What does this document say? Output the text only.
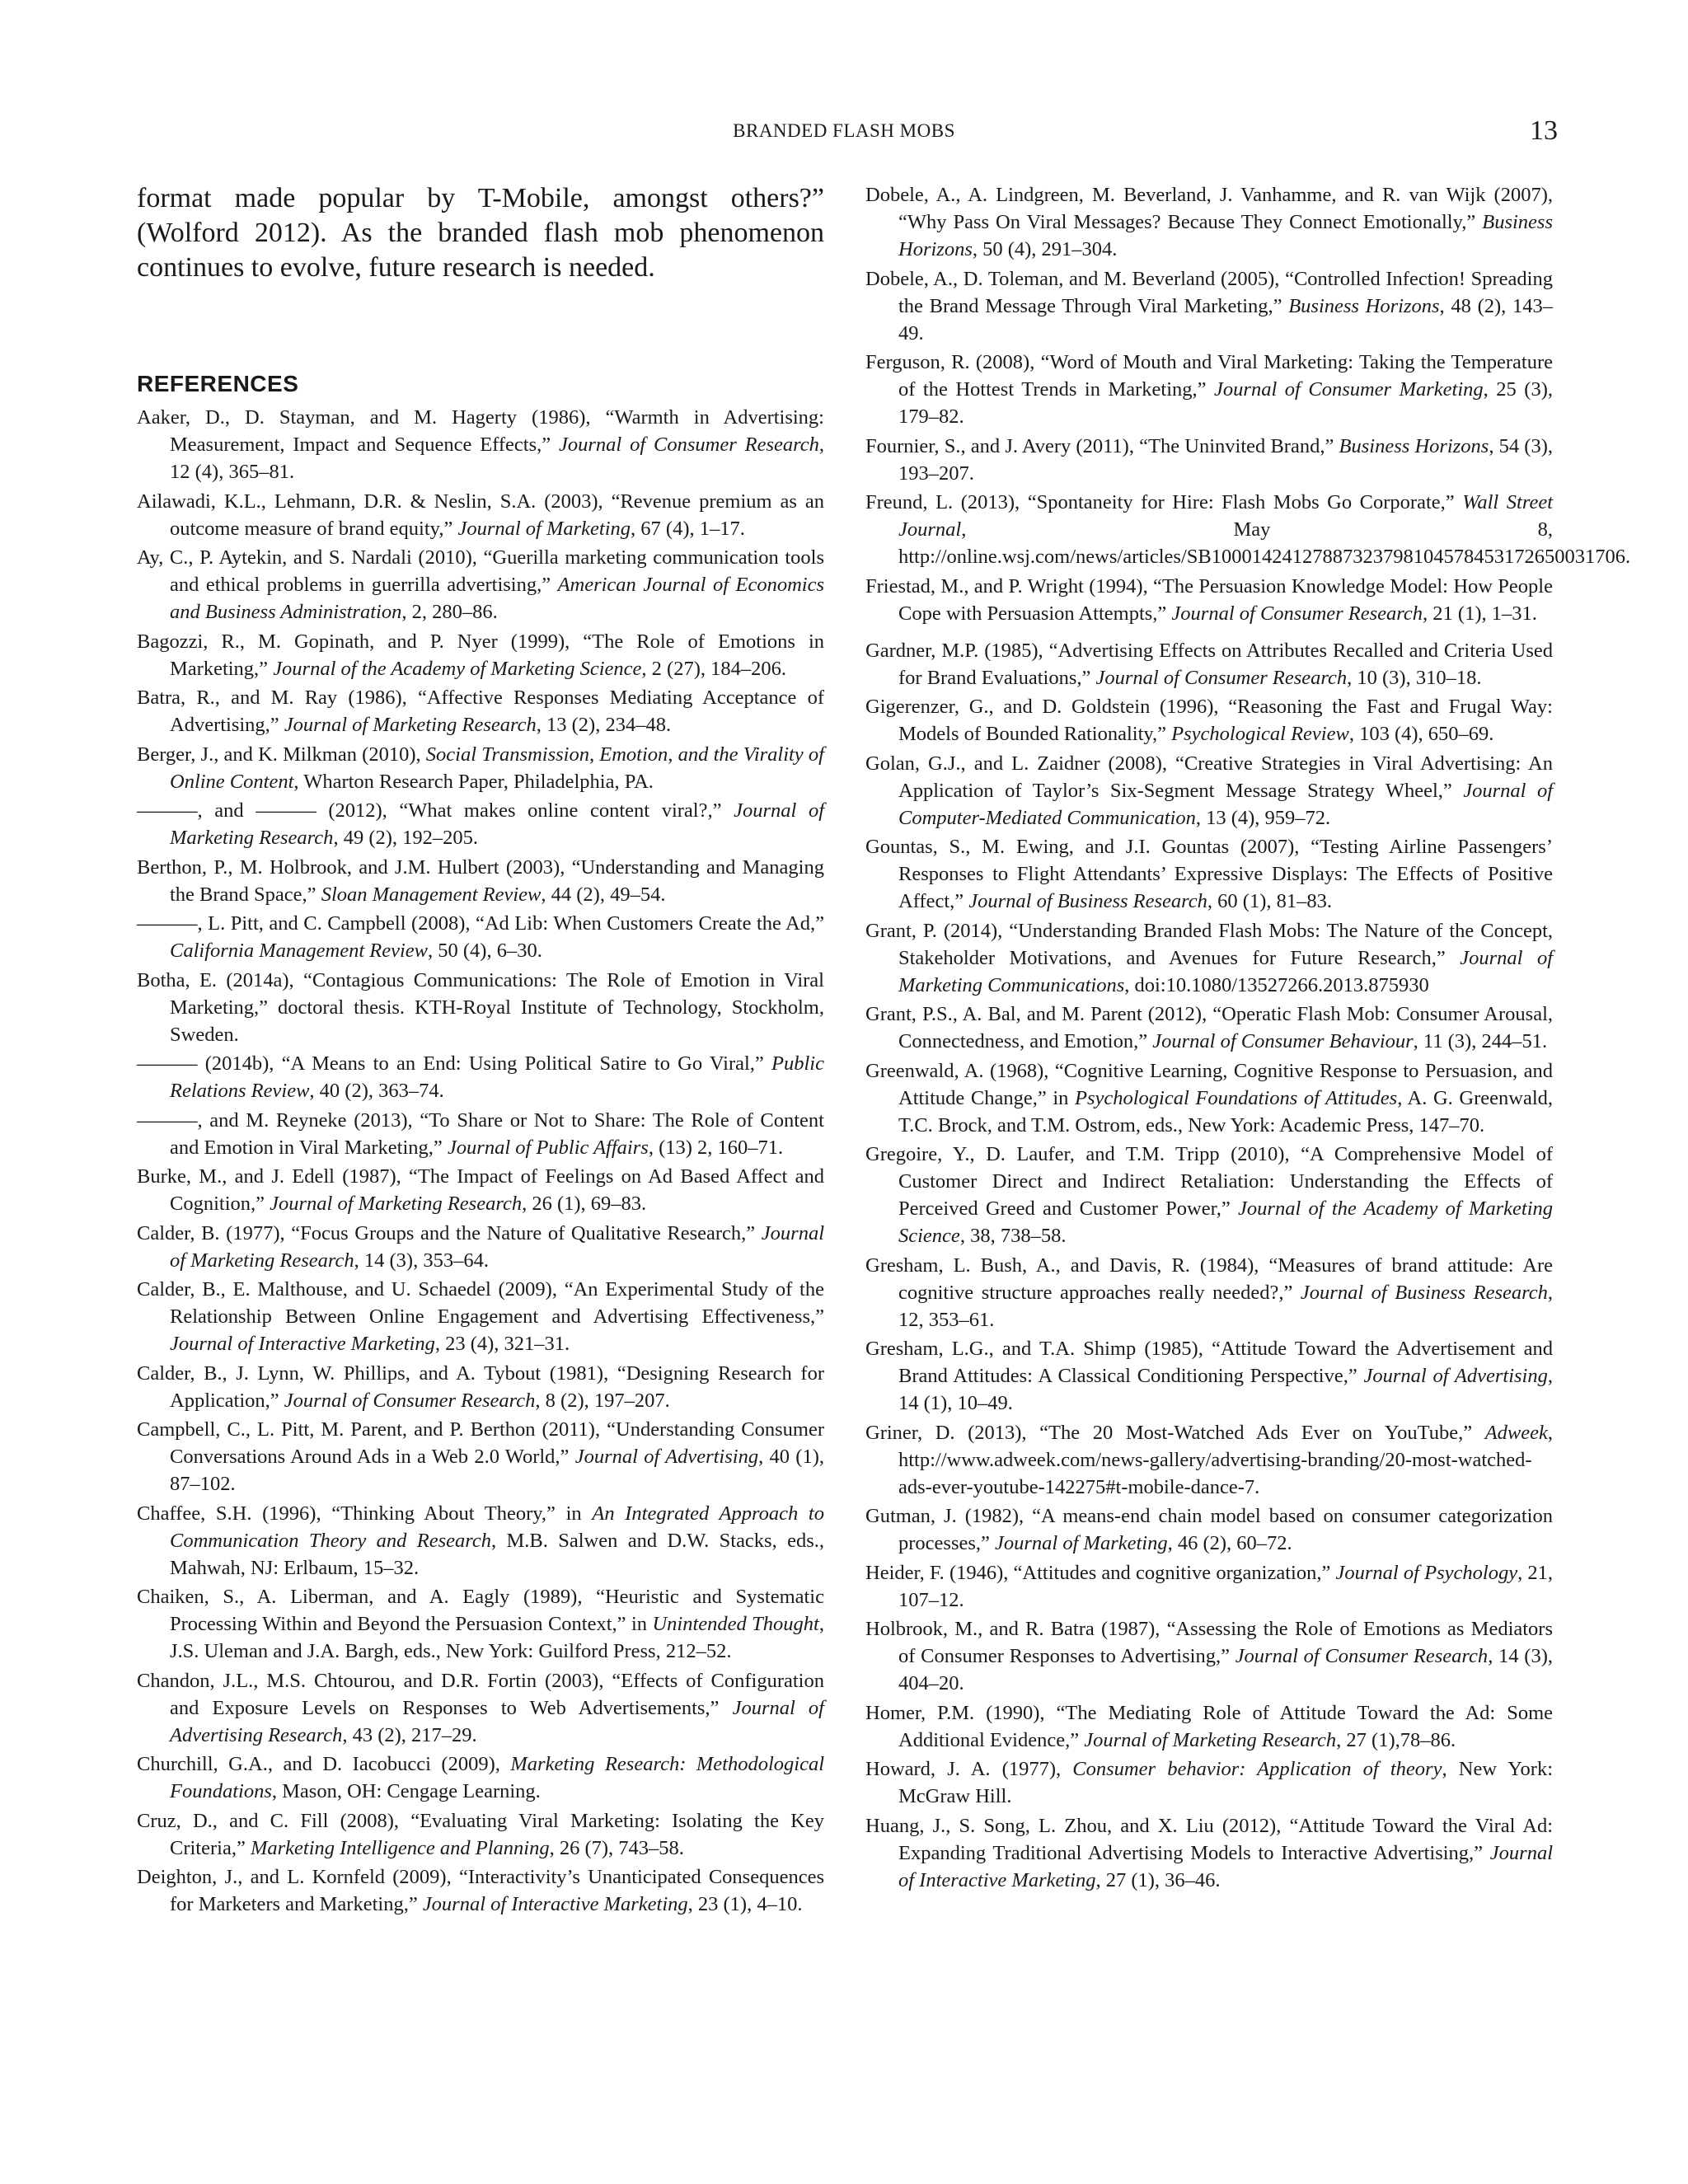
BRANDED FLASH MOBS	13

format made popular by T-Mobile, amongst others?” (Wolford 2012). As the branded flash mob phenomenon continues to evolve, future research is needed.

REFERENCES

Aaker, D., D. Stayman, and M. Hagerty (1986), “Warmth in Advertising: Measurement, Impact and Sequence Effects,” Journal of Consumer Research, 12 (4), 365–81.

Ailawadi, K.L., Lehmann, D.R. & Neslin, S.A. (2003), “Revenue premium as an outcome measure of brand equity,” Journal of Marketing, 67 (4), 1–17.

Ay, C., P. Aytekin, and S. Nardali (2010), “Guerilla marketing communication tools and ethical problems in guerrilla advertising,” American Journal of Economics and Business Administration, 2, 280–86.

Bagozzi, R., M. Gopinath, and P. Nyer (1999), “The Role of Emotions in Marketing,” Journal of the Academy of Marketing Science, 2 (27), 184–206.

Batra, R., and M. Ray (1986), “Affective Responses Mediating Acceptance of Advertising,” Journal of Marketing Research, 13 (2), 234–48.

Berger, J., and K. Milkman (2010), Social Transmission, Emotion, and the Virality of Online Content, Wharton Research Paper, Philadelphia, PA.

———, and ——— (2012), “What makes online content viral?,” Journal of Marketing Research, 49 (2), 192–205.

Berthon, P., M. Holbrook, and J.M. Hulbert (2003), “Understanding and Managing the Brand Space,” Sloan Management Review, 44 (2), 49–54.

———, L. Pitt, and C. Campbell (2008), “Ad Lib: When Customers Create the Ad,” California Management Review, 50 (4), 6–30.

Botha, E. (2014a), “Contagious Communications: The Role of Emotion in Viral Marketing,” doctoral thesis. KTH-Royal Institute of Technology, Stockholm, Sweden.

——— (2014b), “A Means to an End: Using Political Satire to Go Viral,” Public Relations Review, 40 (2), 363–74.

———, and M. Reyneke (2013), “To Share or Not to Share: The Role of Content and Emotion in Viral Marketing,” Journal of Public Affairs, (13) 2, 160–71.

Burke, M., and J. Edell (1987), “The Impact of Feelings on Ad Based Affect and Cognition,” Journal of Marketing Research, 26 (1), 69–83.

Calder, B. (1977), “Focus Groups and the Nature of Qualitative Research,” Journal of Marketing Research, 14 (3), 353–64.

Calder, B., E. Malthouse, and U. Schaedel (2009), “An Experimental Study of the Relationship Between Online Engagement and Advertising Effectiveness,” Journal of Interactive Marketing, 23 (4), 321–31.

Calder, B., J. Lynn, W. Phillips, and A. Tybout (1981), “Designing Research for Application,” Journal of Consumer Research, 8 (2), 197–207.

Campbell, C., L. Pitt, M. Parent, and P. Berthon (2011), “Understanding Consumer Conversations Around Ads in a Web 2.0 World,” Journal of Advertising, 40 (1), 87–102.

Chaffee, S.H. (1996), “Thinking About Theory,” in An Integrated Approach to Communication Theory and Research, M.B. Salwen and D.W. Stacks, eds., Mahwah, NJ: Erlbaum, 15–32.

Chaiken, S., A. Liberman, and A. Eagly (1989), “Heuristic and Systematic Processing Within and Beyond the Persuasion Context,” in Unintended Thought, J.S. Uleman and J.A. Bargh, eds., New York: Guilford Press, 212–52.

Chandon, J.L., M.S. Chtourou, and D.R. Fortin (2003), “Effects of Configuration and Exposure Levels on Responses to Web Advertisements,” Journal of Advertising Research, 43 (2), 217–29.

Churchill, G.A., and D. Iacobucci (2009), Marketing Research: Methodological Foundations, Mason, OH: Cengage Learning.

Cruz, D., and C. Fill (2008), “Evaluating Viral Marketing: Isolating the Key Criteria,” Marketing Intelligence and Planning, 26 (7), 743–58.

Deighton, J., and L. Kornfeld (2009), “Interactivity’s Unanticipated Consequences for Marketers and Marketing,” Journal of Interactive Marketing, 23 (1), 4–10.

Dobele, A., A. Lindgreen, M. Beverland, J. Vanhamme, and R. van Wijk (2007), “Why Pass On Viral Messages? Because They Connect Emotionally,” Business Horizons, 50 (4), 291–304.

Dobele, A., D. Toleman, and M. Beverland (2005), “Controlled Infection! Spreading the Brand Message Through Viral Marketing,” Business Horizons, 48 (2), 143–49.

Ferguson, R. (2008), “Word of Mouth and Viral Marketing: Taking the Temperature of the Hottest Trends in Marketing,” Journal of Consumer Marketing, 25 (3), 179–82.

Fournier, S., and J. Avery (2011), “The Uninvited Brand,” Business Horizons, 54 (3), 193–207.

Freund, L. (2013), “Spontaneity for Hire: Flash Mobs Go Corporate,” Wall Street Journal, May 8, http://online.wsj.com/news/articles/SB10001424127887323798104578453172650031706.

Friestad, M., and P. Wright (1994), “The Persuasion Knowledge Model: How People Cope with Persuasion Attempts,” Journal of Consumer Research, 21 (1), 1–31.

Gardner, M.P. (1985), “Advertising Effects on Attributes Recalled and Criteria Used for Brand Evaluations,” Journal of Consumer Research, 10 (3), 310–18.

Gigerenzer, G., and D. Goldstein (1996), “Reasoning the Fast and Frugal Way: Models of Bounded Rationality,” Psychological Review, 103 (4), 650–69.

Golan, G.J., and L. Zaidner (2008), “Creative Strategies in Viral Advertising: An Application of Taylor’s Six-Segment Message Strategy Wheel,” Journal of Computer-Mediated Communication, 13 (4), 959–72.

Gountas, S., M. Ewing, and J.I. Gountas (2007), “Testing Airline Passengers’ Responses to Flight Attendants’ Expressive Displays: The Effects of Positive Affect,” Journal of Business Research, 60 (1), 81–83.

Grant, P. (2014), “Understanding Branded Flash Mobs: The Nature of the Concept, Stakeholder Motivations, and Avenues for Future Research,” Journal of Marketing Communications, doi:10.1080/13527266.2013.875930

Grant, P.S., A. Bal, and M. Parent (2012), “Operatic Flash Mob: Consumer Arousal, Connectedness, and Emotion,” Journal of Consumer Behaviour, 11 (3), 244–51.

Greenwald, A. (1968), “Cognitive Learning, Cognitive Response to Persuasion, and Attitude Change,” in Psychological Foundations of Attitudes, A. G. Greenwald, T.C. Brock, and T.M. Ostrom, eds., New York: Academic Press, 147–70.

Gregoire, Y., D. Laufer, and T.M. Tripp (2010), “A Comprehensive Model of Customer Direct and Indirect Retaliation: Understanding the Effects of Perceived Greed and Customer Power,” Journal of the Academy of Marketing Science, 38, 738–58.

Gresham, L. Bush, A., and Davis, R. (1984), “Measures of brand attitude: Are cognitive structure approaches really needed?,” Journal of Business Research, 12, 353–61.

Gresham, L.G., and T.A. Shimp (1985), “Attitude Toward the Advertisement and Brand Attitudes: A Classical Conditioning Perspective,” Journal of Advertising, 14 (1), 10–49.

Griner, D. (2013), “The 20 Most-Watched Ads Ever on YouTube,” Adweek, http://www.adweek.com/news-gallery/advertising-branding/20-most-watched-ads-ever-youtube-142275#t-mobile-dance-7.

Gutman, J. (1982), “A means-end chain model based on consumer categorization processes,” Journal of Marketing, 46 (2), 60–72.

Heider, F. (1946), “Attitudes and cognitive organization,” Journal of Psychology, 21, 107–12.

Holbrook, M., and R. Batra (1987), “Assessing the Role of Emotions as Mediators of Consumer Responses to Advertising,” Journal of Consumer Research, 14 (3), 404–20.

Homer, P.M. (1990), “The Mediating Role of Attitude Toward the Ad: Some Additional Evidence,” Journal of Marketing Research, 27 (1),78–86.

Howard, J. A. (1977), Consumer behavior: Application of theory, New York: McGraw Hill.

Huang, J., S. Song, L. Zhou, and X. Liu (2012), “Attitude Toward the Viral Ad: Expanding Traditional Advertising Models to Interactive Advertising,” Journal of Interactive Marketing, 27 (1), 36–46.
